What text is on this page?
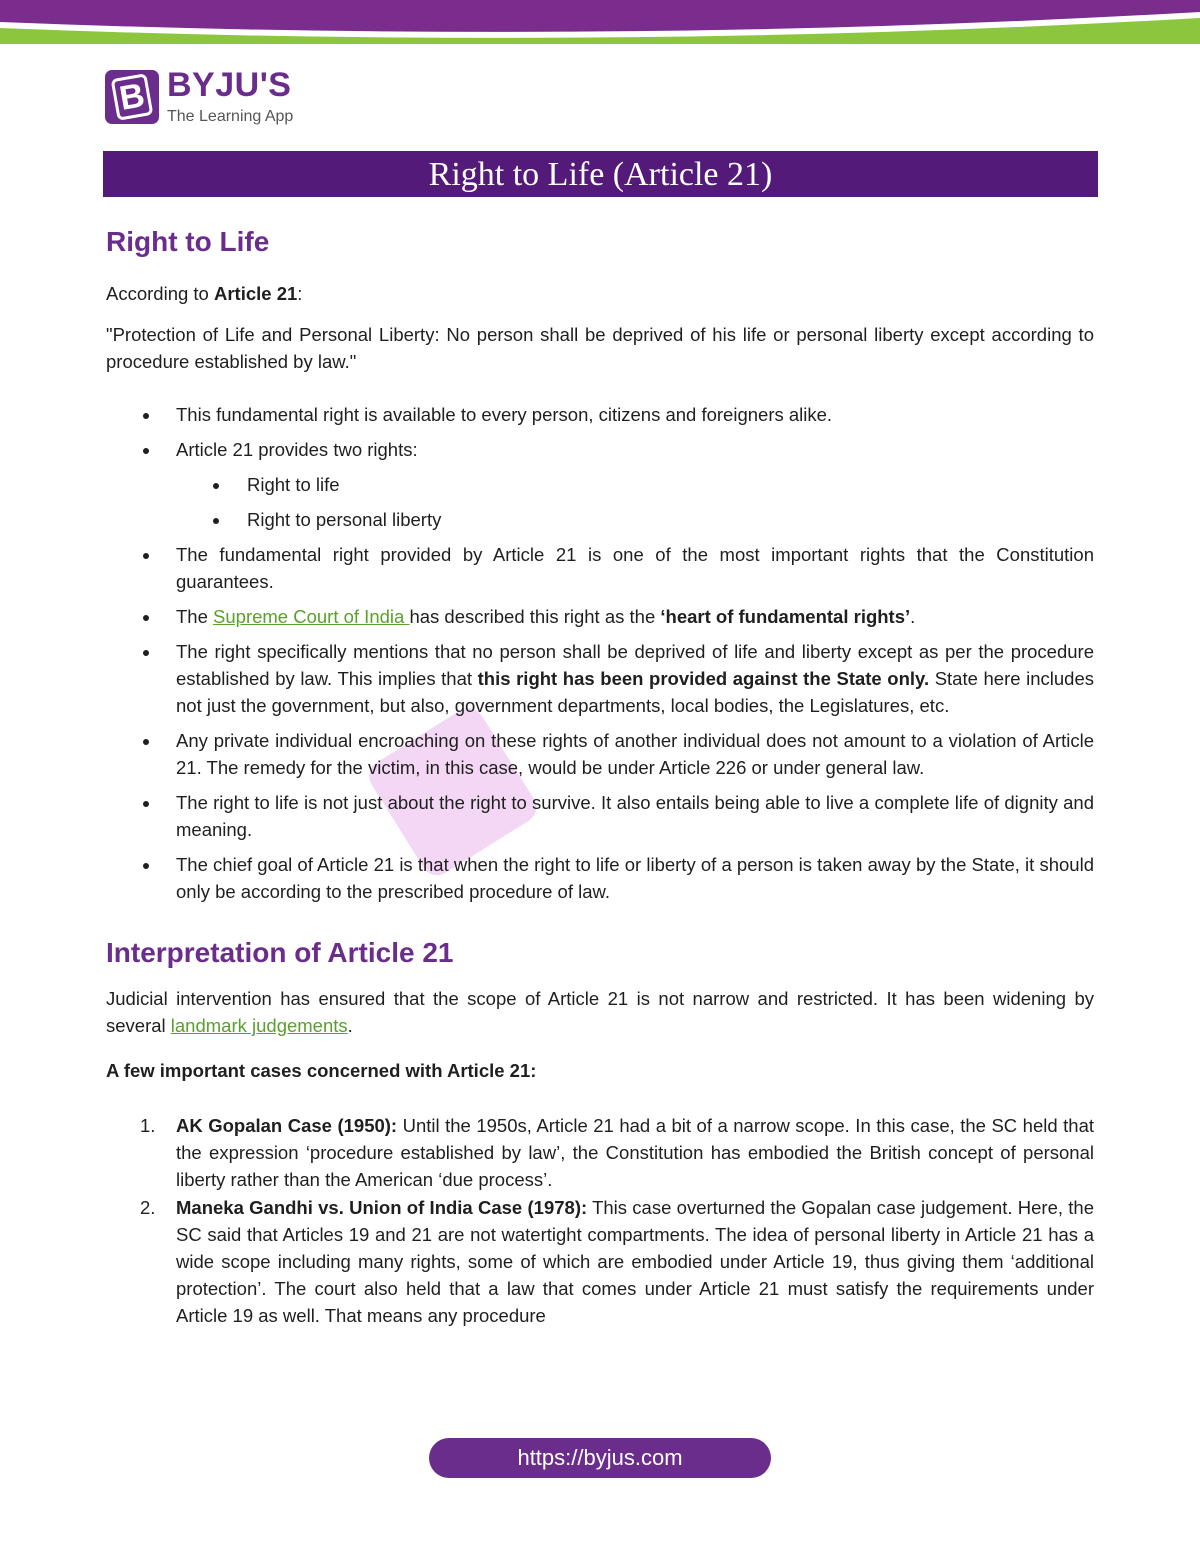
B BYJU'S
The Learning App
Right to Life (Article 21)
Right to Life

According to Article 21:

"Protection of Life and Personal Liberty: No person shall be deprived of his life or personal liberty except according to procedure established by law."

This fundamental right is available to every person, citizens and foreigners alike.
Article 21 provides two rights:
Right to life
Right to personal liberty
The fundamental right provided by Article 21 is one of the most important rights that the Constitution guarantees.
The Supreme Court of India has described this right as the ‘heart of fundamental rights’.
The right specifically mentions that no person shall be deprived of life and liberty except as per the procedure established by law. This implies that this right has been provided against the State only. State here includes not just the government, but also, government departments, local bodies, the Legislatures, etc.
Any private individual encroaching on these rights of another individual does not amount to a violation of Article 21. The remedy for the victim, in this case, would be under Article 226 or under general law.
The right to life is not just about the right to survive. It also entails being able to live a complete life of dignity and meaning.
The chief goal of Article 21 is that when the right to life or liberty of a person is taken away by the State, it should only be according to the prescribed procedure of law.
Interpretation of Article 21

Judicial intervention has ensured that the scope of Article 21 is not narrow and restricted. It has been widening by several landmark judgements.

A few important cases concerned with Article 21:

1. AK Gopalan Case (1950): Until the 1950s, Article 21 had a bit of a narrow scope. In this case, the SC held that the expression ‘procedure established by law’, the Constitution has embodied the British concept of personal liberty rather than the American ‘due process’.
2. Maneka Gandhi vs. Union of India Case (1978): This case overturned the Gopalan case judgement. Here, the SC said that Articles 19 and 21 are not watertight compartments. The idea of personal liberty in Article 21 has a wide scope including many rights, some of which are embodied under Article 19, thus giving them ‘additional protection’. The court also held that a law that comes under Article 21 must satisfy the requirements under Article 19 as well. That means any procedure
https://byjus.com
